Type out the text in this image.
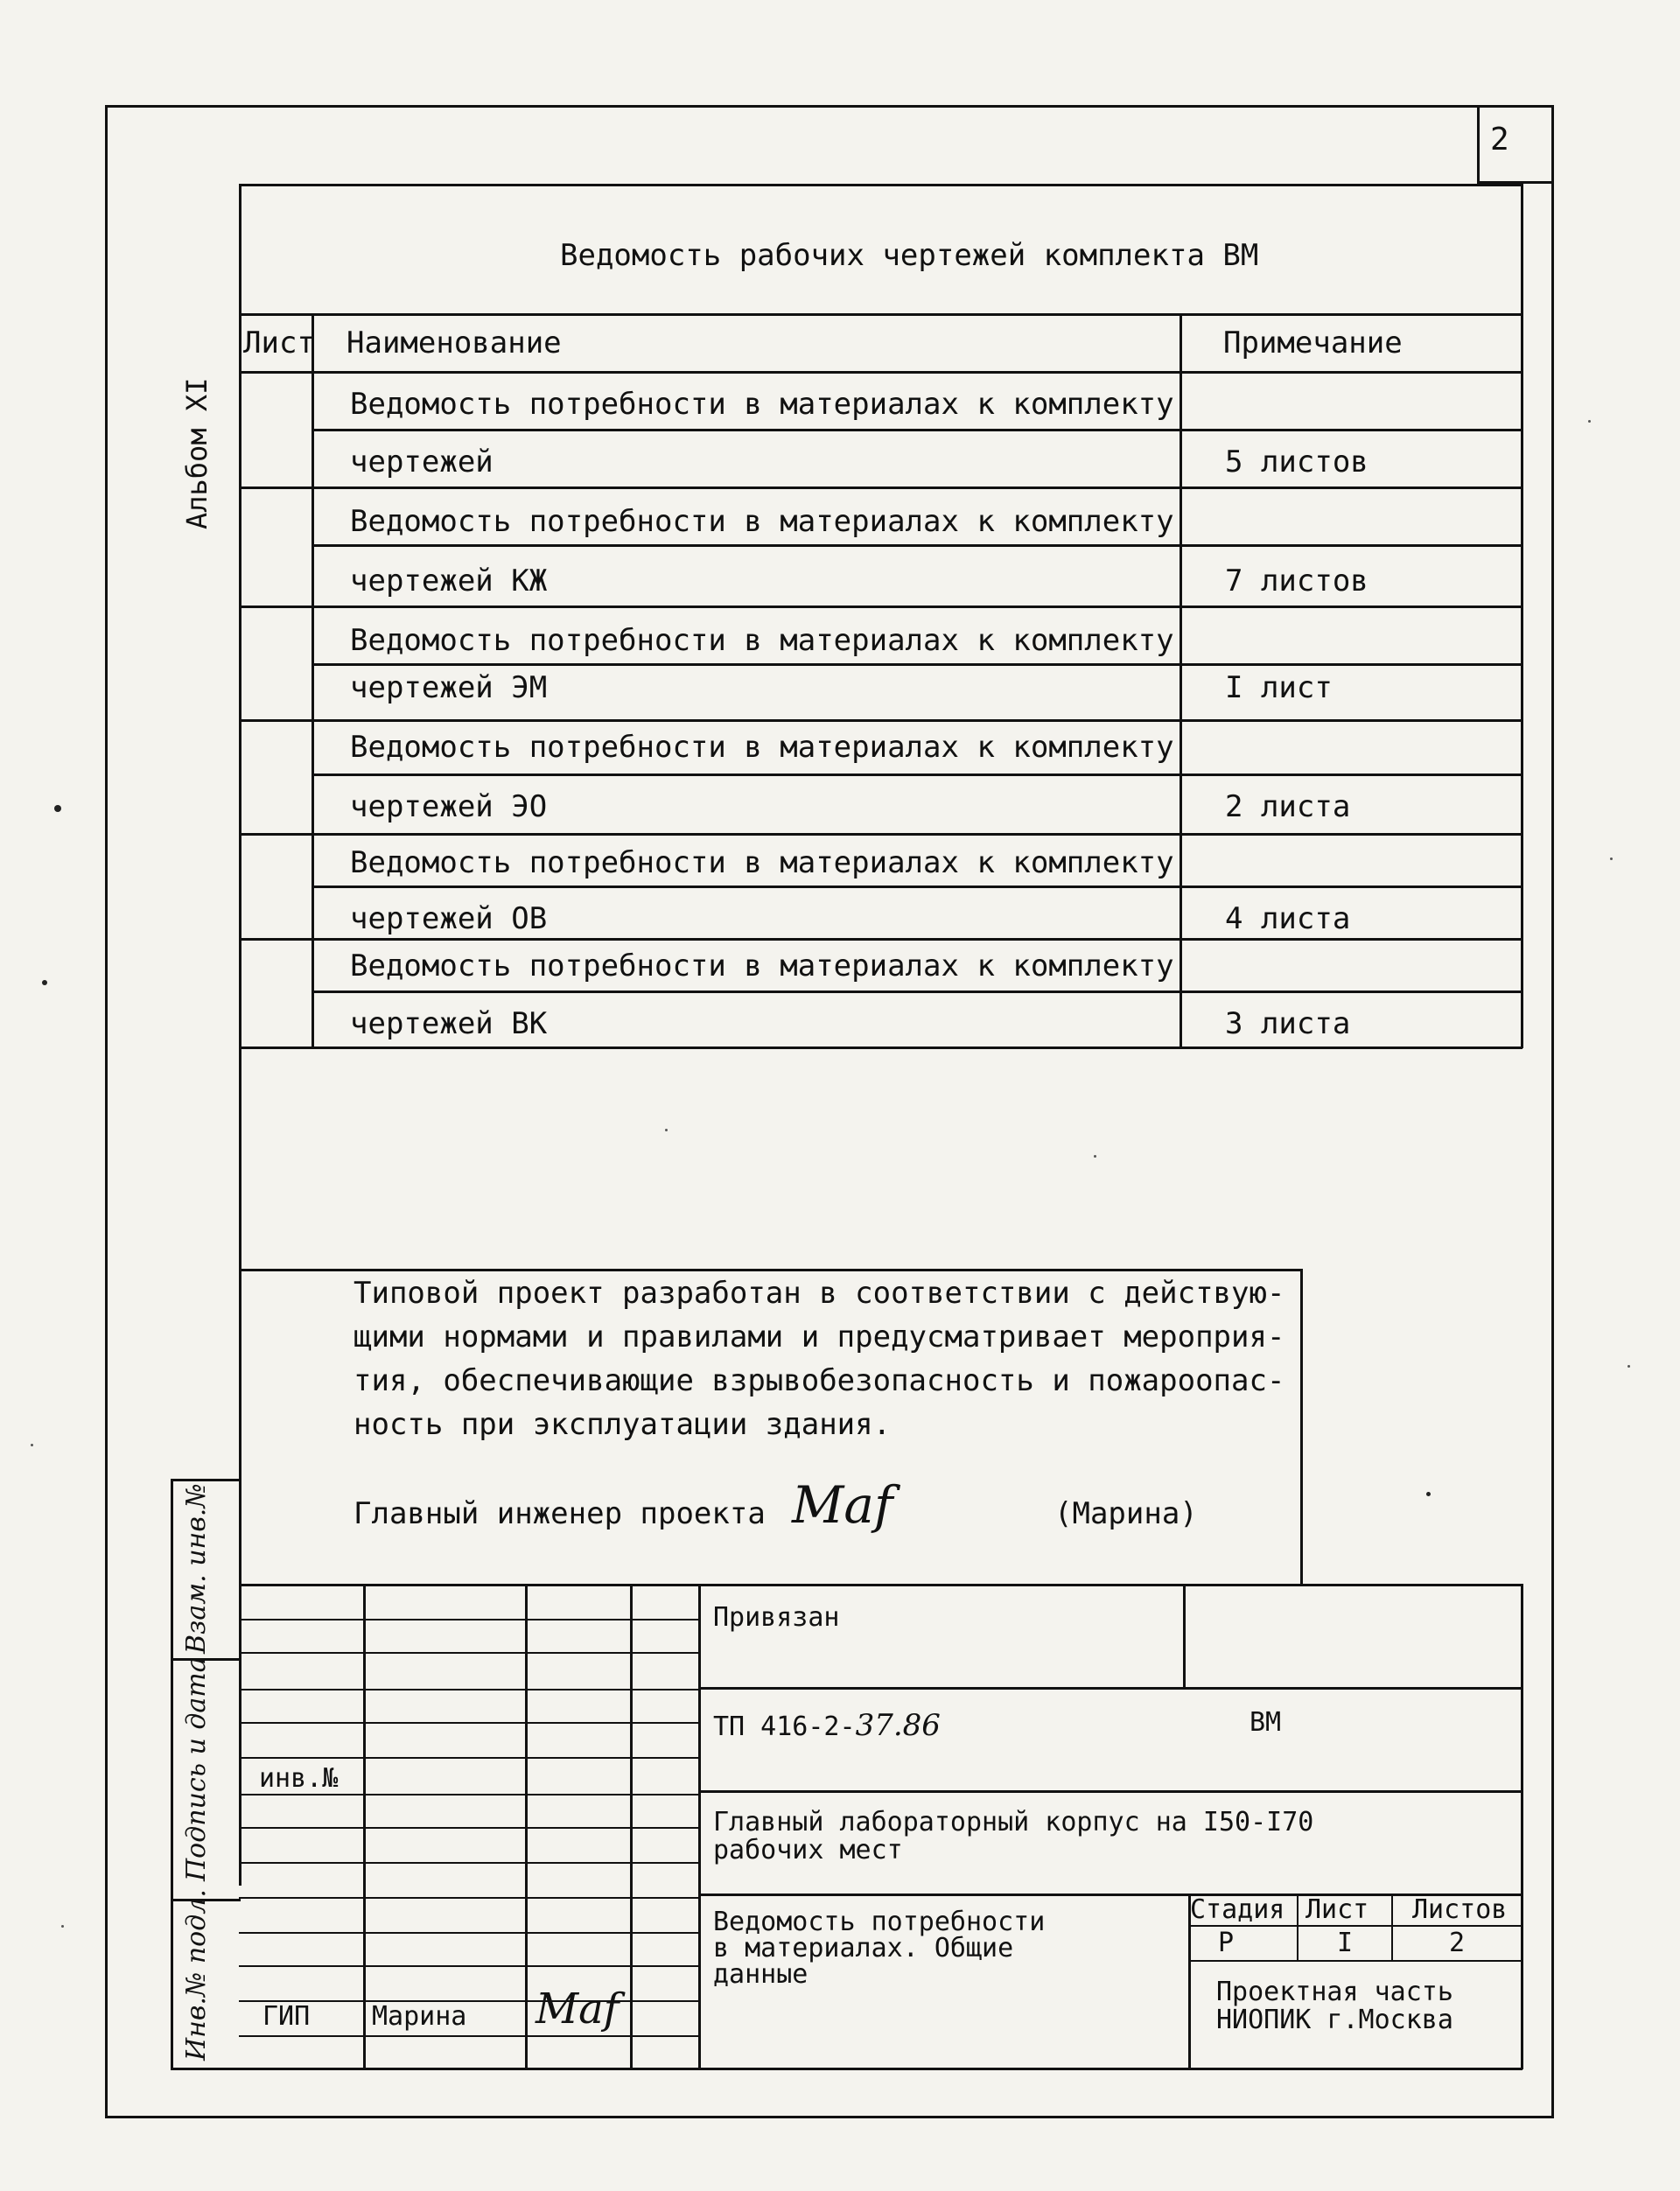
2
Альбом XI
Ведомость рабочих чертежей комплекта ВМ
Лист Наименование	Примечание
Ведомость потребности в материалах к комплекту
чертежей	5 листов
Ведомость потребности в материалах к комплекту
чертежей КЖ	7 листов
Ведомость потребности в материалах к комплекту
чертежей ЭМ	I лист
Ведомость потребности в материалах к комплекту
чертежей ЭО	2 листа
Ведомость потребности в материалах к комплекту
чертежей ОВ	4 листа
Ведомость потребности в материалах к комплекту
чертежей ВК	3 листа
Типовой проект разработан в соответствии с действую-
щими нормами и правилами и предусматривает мероприя-
тия, обеспечивающие взрывобезопасность и пожароопас-
ность при эксплуатации здания.
Главный инженер проекта Maf	(Марина)
Взам. инв.№
Подпись и дата
Инв.№ подл.
инв.№
ГИП Марина Maf
Привязан
ТП 416-2-37.86	ВМ
Главный лабораторный корпус на I50-I70
рабочих мест
Ведомость потребности
в материалах. Общие
данные
Стадия Лист Листов
Р	I	2
Проектная часть
НИОПИК г.Москва
